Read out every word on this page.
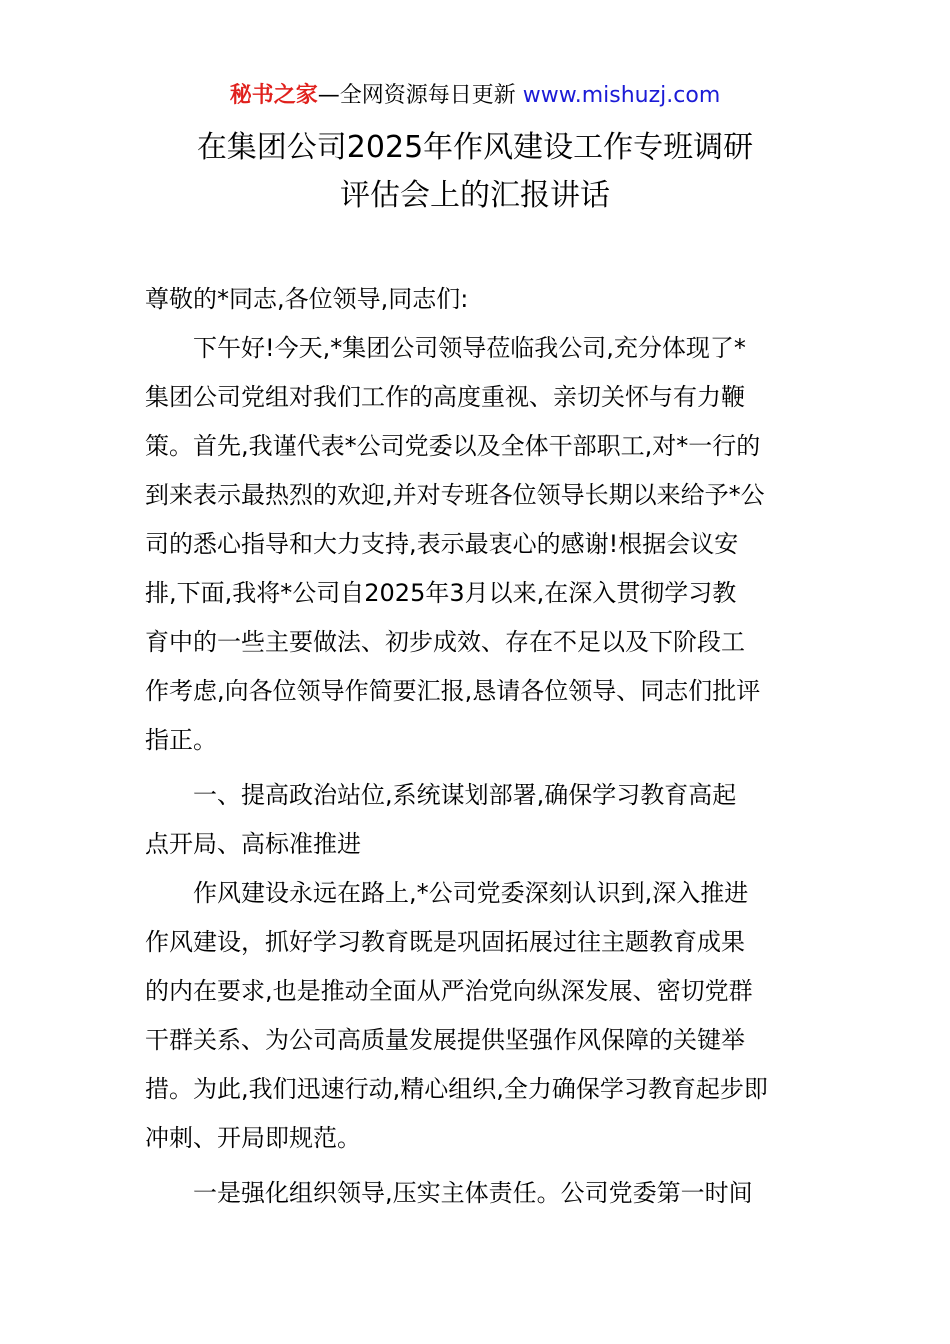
秘书之家—全网资源每日更新 www.mishuzj.com
在集团公司2025年作风建设工作专班调研
评估会上的汇报讲话
尊敬的*同志,各位领导,同志们:
下午好!今天,*集团公司领导莅临我公司,充分体现了*
集团公司党组对我们工作的高度重视、亲切关怀与有力鞭
策。首先,我谨代表*公司党委以及全体干部职工,对*一行的
到来表示最热烈的欢迎,并对专班各位领导长期以来给予*公
司的悉心指导和大力支持,表示最衷心的感谢!根据会议安
排,下面,我将*公司自2025年3月以来,在深入贯彻学习教
育中的一些主要做法、初步成效、存在不足以及下阶段工
作考虑,向各位领导作简要汇报,恳请各位领导、同志们批评
指正。
一、提高政治站位,系统谋划部署,确保学习教育高起
点开局、高标准推进
作风建设永远在路上,*公司党委深刻认识到,深入推进
作风建设，抓好学习教育既是巩固拓展过往主题教育成果
的内在要求,也是推动全面从严治党向纵深发展、密切党群
干群关系、为公司高质量发展提供坚强作风保障的关键举
措。为此,我们迅速行动,精心组织,全力确保学习教育起步即
冲刺、开局即规范。
一是强化组织领导,压实主体责任。公司党委第一时间
